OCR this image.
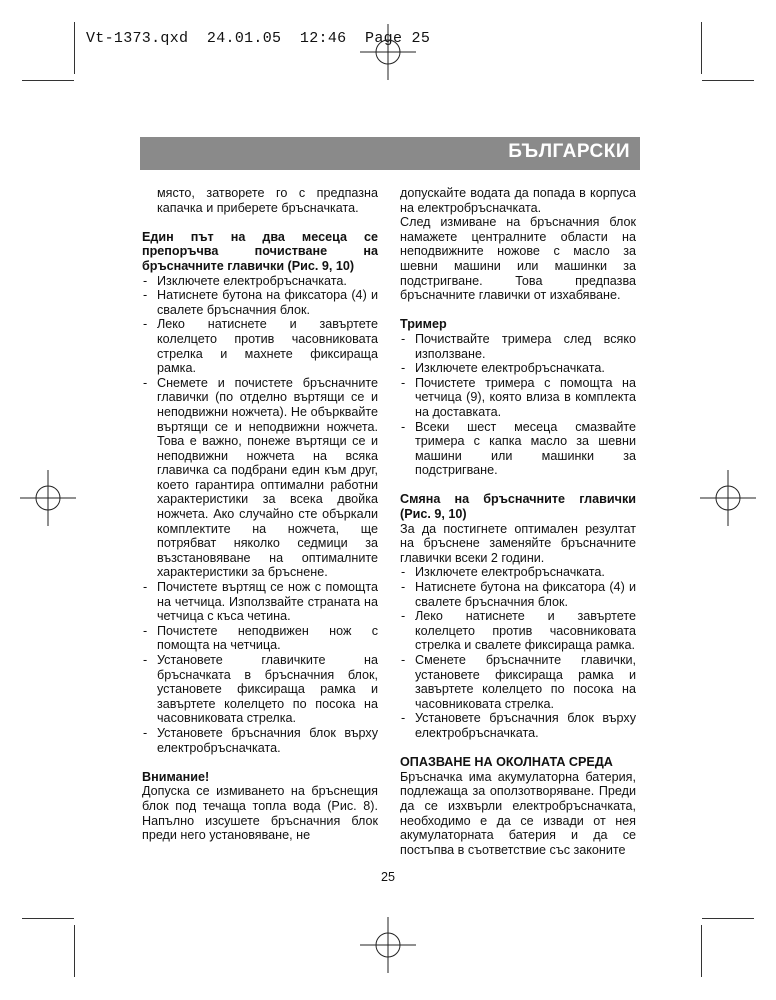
Vt-1373.qxd  24.01.05  12:46  Page 25
БЪЛГАРСКИ

място, затворете го с предпазна капачка и приберете бръсначката.

Един път на два месеца се препоръчва почистване на бръсначните главички (Рис. 9, 10)

- Изключете електробръсначката.
- Натиснете бутона на фиксатора (4) и свалете бръсначния блок.
- Леко натиснете и завъртете колелцето против часовниковата стрелка и махнете фиксираща рамка.
- Снемете и почистете бръсначните главички (по отделно въртящи се и неподвижни ножчета). Не обърквайте въртящи се и неподвижни ножчета. Това е важно, понеже въртящи се и неподвижни ножчета на всяка главичка са подбрани един към друг, което гарантира оптимални работни характеристики за всека двойка ножчета. Ако случайно сте объркали комплектите на ножчета, ще потрябват няколко седмици за възстановяване на оптималните характеристики за бръснене.
- Почистете въртящ се нож с помощта на четчица. Използвайте страната на четчица с къса четина.
- Почистете неподвижен нож с помощта на четчица.
- Установете главичките на бръсначката в бръсначния блок, установете фиксираща рамка и завъртете колелцето по посока на часовниковата стрелка.
- Установете бръсначния блок върху електробръсначката.

Внимание!

Допуска се измиването на бръснещия блок под течаща топла вода (Рис. 8). Напълно изсушете бръсначния блок преди него установяване, не

допускайте водата да попада в корпуса на електробръсначката.

След измиване на бръсначния блок намажете централните области на неподвижните ножове с масло за шевни машини или машинки за подстригване. Това предпазва бръсначните главички от изхабяване.

Тример

- Почиствайте тримера след всяко използване.
- Изключете електробръсначката.
- Почистете тримера с помощта на четчица (9), която влиза в комплекта на доставката.
- Всеки шест месеца смазвайте тримера с капка масло за шевни машини или машинки за подстригване.

Смяна на бръсначните главички (Рис. 9, 10)

За да постигнете оптимален резултат на бръснене заменяйте бръсначните главички всеки 2 години.

- Изключете електробръсначката.
- Натиснете бутона на фиксатора (4) и свалете бръсначния блок.
- Леко натиснете и завъртете колелцето против часовниковата стрелка и свалете фиксираща рамка.
- Сменете бръсначните главички, установете фиксираща рамка и завъртете колелцето по посока на часовниковата стрелка.
- Установете бръсначния блок върху електробръсначката.

ОПАЗВАНЕ НА ОКОЛНАТА СРЕДА

Бръсначка има акумулаторна батерия, подлежаща за оползотворяване. Преди да се изхвърли електробръсначката, необходимо е да се извади от нея акумулаторната батерия и да се постъпва в съответствие със законите

25
